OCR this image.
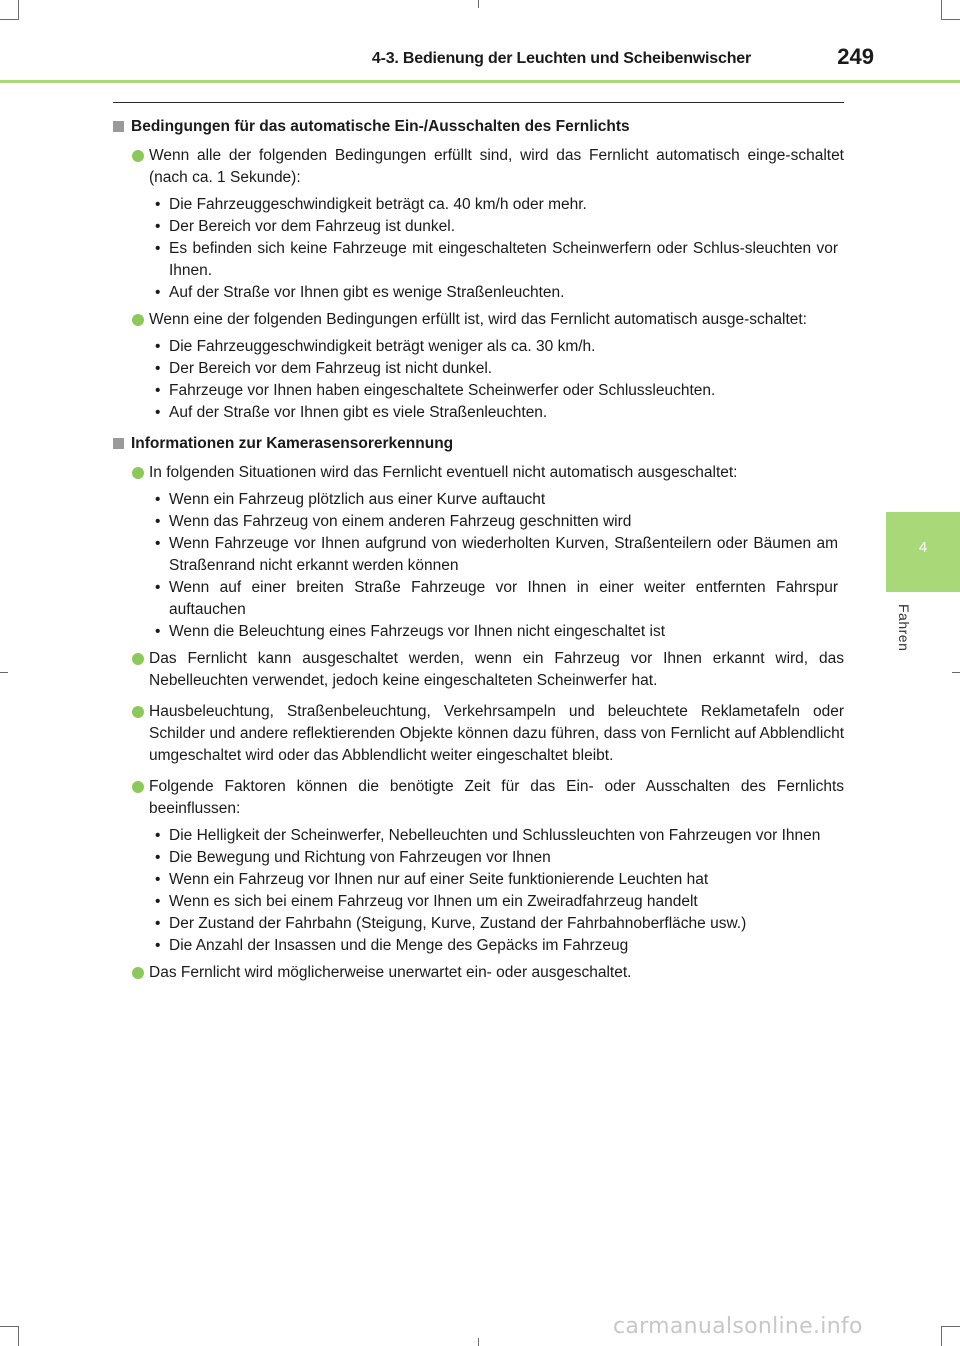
4-3. Bedienung der Leuchten und Scheibenwischer	249
4
Fahren
Bedingungen für das automatische Ein-/Ausschalten des Fernlichts
Wenn alle der folgenden Bedingungen erfüllt sind, wird das Fernlicht automatisch einge-schaltet (nach ca. 1 Sekunde):
• Die Fahrzeuggeschwindigkeit beträgt ca. 40 km/h oder mehr.
• Der Bereich vor dem Fahrzeug ist dunkel.
• Es befinden sich keine Fahrzeuge mit eingeschalteten Scheinwerfern oder Schlus-sleuchten vor Ihnen.
• Auf der Straße vor Ihnen gibt es wenige Straßenleuchten.
Wenn eine der folgenden Bedingungen erfüllt ist, wird das Fernlicht automatisch ausge-schaltet:
• Die Fahrzeuggeschwindigkeit beträgt weniger als ca. 30 km/h.
• Der Bereich vor dem Fahrzeug ist nicht dunkel.
• Fahrzeuge vor Ihnen haben eingeschaltete Scheinwerfer oder Schlussleuchten.
• Auf der Straße vor Ihnen gibt es viele Straßenleuchten.
Informationen zur Kamerasensorerkennung
In folgenden Situationen wird das Fernlicht eventuell nicht automatisch ausgeschaltet:
• Wenn ein Fahrzeug plötzlich aus einer Kurve auftaucht
• Wenn das Fahrzeug von einem anderen Fahrzeug geschnitten wird
• Wenn Fahrzeuge vor Ihnen aufgrund von wiederholten Kurven, Straßenteilern oder Bäumen am Straßenrand nicht erkannt werden können
• Wenn auf einer breiten Straße Fahrzeuge vor Ihnen in einer weiter entfernten Fahrspur auftauchen
• Wenn die Beleuchtung eines Fahrzeugs vor Ihnen nicht eingeschaltet ist
Das Fernlicht kann ausgeschaltet werden, wenn ein Fahrzeug vor Ihnen erkannt wird, das Nebelleuchten verwendet, jedoch keine eingeschalteten Scheinwerfer hat.
Hausbeleuchtung, Straßenbeleuchtung, Verkehrsampeln und beleuchtete Reklametafeln oder Schilder und andere reflektierenden Objekte können dazu führen, dass von Fernlicht auf Abblendlicht umgeschaltet wird oder das Abblendlicht weiter eingeschaltet bleibt.
Folgende Faktoren können die benötigte Zeit für das Ein- oder Ausschalten des Fernlichts beeinflussen:
• Die Helligkeit der Scheinwerfer, Nebelleuchten und Schlussleuchten von Fahrzeugen vor Ihnen
• Die Bewegung und Richtung von Fahrzeugen vor Ihnen
• Wenn ein Fahrzeug vor Ihnen nur auf einer Seite funktionierende Leuchten hat
• Wenn es sich bei einem Fahrzeug vor Ihnen um ein Zweiradfahrzeug handelt
• Der Zustand der Fahrbahn (Steigung, Kurve, Zustand der Fahrbahnoberfläche usw.)
• Die Anzahl der Insassen und die Menge des Gepäcks im Fahrzeug
Das Fernlicht wird möglicherweise unerwartet ein- oder ausgeschaltet.
carmanualsonline.info
